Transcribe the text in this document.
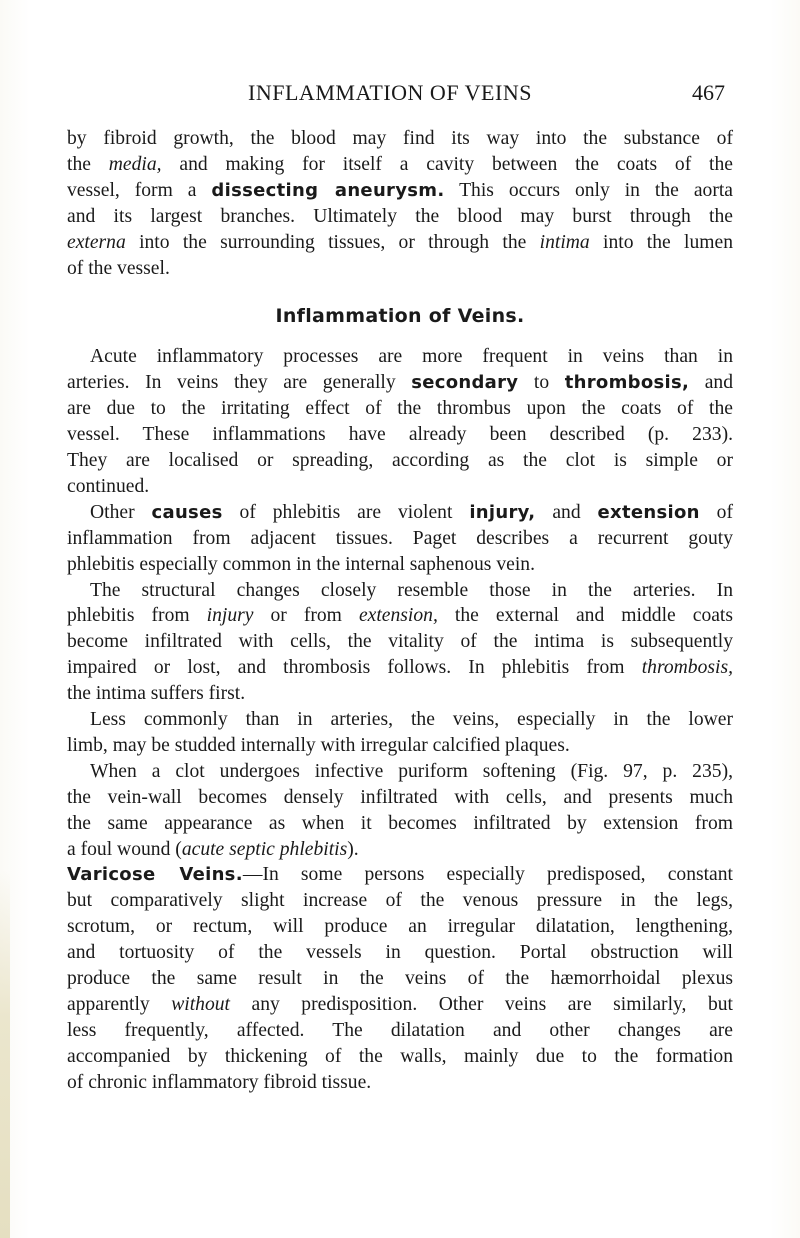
INFLAMMATION OF VEINS	467
by fibroid growth, the blood may find its way into the substance of
the media, and making for itself a cavity between the coats of the
vessel, form a dissecting aneurysm. This occurs only in the aorta
and its largest branches. Ultimately the blood may burst through the
externa into the surrounding tissues, or through the intima into the lumen
of the vessel.
Inflammation of Veins.
Acute inflammatory processes are more frequent in veins than in
arteries. In veins they are generally secondary to thrombosis, and
are due to the irritating effect of the thrombus upon the coats of the
vessel. These inflammations have already been described (p. 233).
They are localised or spreading, according as the clot is simple or
continued.
Other causes of phlebitis are violent injury, and extension of
inflammation from adjacent tissues. Paget describes a recurrent gouty
phlebitis especially common in the internal saphenous vein.
The structural changes closely resemble those in the arteries. In
phlebitis from injury or from extension, the external and middle coats
become infiltrated with cells, the vitality of the intima is subsequently
impaired or lost, and thrombosis follows. In phlebitis from thrombosis,
the intima suffers first.
Less commonly than in arteries, the veins, especially in the lower
limb, may be studded internally with irregular calcified plaques.
When a clot undergoes infective puriform softening (Fig. 97, p. 235),
the vein-wall becomes densely infiltrated with cells, and presents much
the same appearance as when it becomes infiltrated by extension from
a foul wound (acute septic phlebitis).
Varicose Veins.—In some persons especially predisposed, constant
but comparatively slight increase of the venous pressure in the legs,
scrotum, or rectum, will produce an irregular dilatation, lengthening,
and tortuosity of the vessels in question. Portal obstruction will
produce the same result in the veins of the hæmorrhoidal plexus
apparently without any predisposition. Other veins are similarly, but
less frequently, affected. The dilatation and other changes are
accompanied by thickening of the walls, mainly due to the formation
of chronic inflammatory fibroid tissue.
